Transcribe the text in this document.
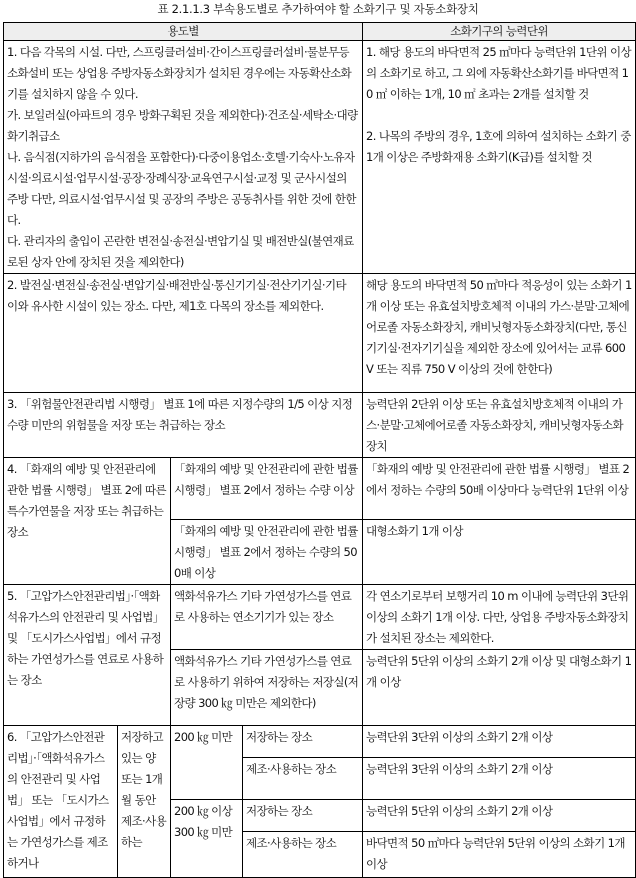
표 2.1.1.3 부속용도별로 추가하여야 할 소화기구 및 자동소화장치
용도별				소화기구의 능력단위

1. 다음 각목의 시설. 다만, 스프링클러설비·간이스프링클러설비·물분무등소화설비 또는 상업용 주방자동소화장치가 설치된 경우에는 자동확산소화기를 설치하지 않을 수 있다.
가. 보일러실(아파트의 경우 방화구획된 것을 제외한다)·건조실·세탁소·대량화기취급소
나. 음식점(지하가의 음식점을 포함한다)·다중이용업소·호텔·기숙사·노유자시설·의료시설·업무시설·공장·장례식장·교육연구시설·교정 및 군사시설의 주방 다만, 의료시설·업무시설 및 공장의 주방은 공동취사를 위한 것에 한한다.
다. 관리자의 출입이 곤란한 변전실·송전실·변압기실 및 배전반실(불연재료로된 상자 안에 장치된 것을 제외한다)				1. 해당 용도의 바닥면적 25 ㎡마다 능력단위 1단위 이상의 소화기로 하고, 그 외에 자동확산소화기를 바닥면적 10 ㎡ 이하는 1개, 10 ㎡ 초과는 2개를 설치할 것
2. 나목의 주방의 경우, 1호에 의하여 설치하는 소화기 중 1개 이상은 주방화재용 소화기(K급)를 설치할 것

2. 발전실·변전실·송전실·변압기실·배전반실·통신기기실·전산기기실·기타 이와 유사한 시설이 있는 장소. 다만, 제1호 다목의 장소를 제외한다.				해당 용도의 바닥면적 50 ㎡마다 적응성이 있는 소화기 1개 이상 또는 유효설치방호체적 이내의 가스·분말·고체에어로졸 자동소화장치, 캐비닛형자동소화장치(다만, 통신기기실·전자기기실을 제외한 장소에 있어서는 교류 600 V 또는 직류 750 V 이상의 것에 한한다)
3. 「위험물안전관리법 시행령」 별표 1에 따른 지정수량의 1/5 이상 지정수량 미만의 위험물을 저장 또는 취급하는 장소				능력단위 2단위 이상 또는 유효설치방호체적 이내의 가스·분말·고체에어로졸 자동소화장치, 캐비닛형자동소화장치
4. 「화재의 예방 및 안전관리에 관한 법률 시행령」 별표 2에 따른 특수가연물을 저장 또는 취급하는 장소		「화재의 예방 및 안전관리에 관한 법률 시행령」 별표 2에서 정하는 수량 이상		「화재의 예방 및 안전관리에 관한 법률 시행령」 별표 2에서 정하는 수량의 50배 이상마다 능력단위 1단위 이상
		「화재의 예방 및 안전관리에 관한 법률 시행령」 별표 2에서 정하는 수량의 500배 이상		대형소화기 1개 이상
5. 「고압가스안전관리법」·「액화석유가스의 안전관리 및 사업법」 및 「도시가스사업법」에서 규정하는 가연성가스를 연료로 사용하는 장소		액화석유가스 기타 가연성가스를 연료로 사용하는 연소기기가 있는 장소		각 연소기로부터 보행거리 10 m 이내에 능력단위 3단위 이상의 소화기 1개 이상. 다만, 상업용 주방자동소화장치가 설치된 장소는 제외한다.
		액화석유가스 기타 가연성가스를 연료로 사용하기 위하여 저장하는 저장실(저장량 300 ㎏ 미만은 제외한다)		능력단위 5단위 이상의 소화기 2개 이상 및 대형소화기 1개 이상
6. 「고압가스안전관리법」·「액화석유가스의 안전관리 및 사업법」 또는 「도시가스사업법」에서 규정하는 가연성가스를 제조하거나	저장하고 있는 양 또는 1개월 동안 제조·사용하는	200 ㎏ 미만	저장하는 장소	능력단위 3단위 이상의 소화기 2개 이상
			제조·사용하는 장소	능력단위 3단위 이상의 소화기 2개 이상
		200 ㎏ 이상 300 ㎏ 미만	저장하는 장소	능력단위 5단위 이상의 소화기 2개 이상
			제조·사용하는 장소	바닥면적 50 ㎡마다 능력단위 5단위 이상의 소화기 1개 이상
